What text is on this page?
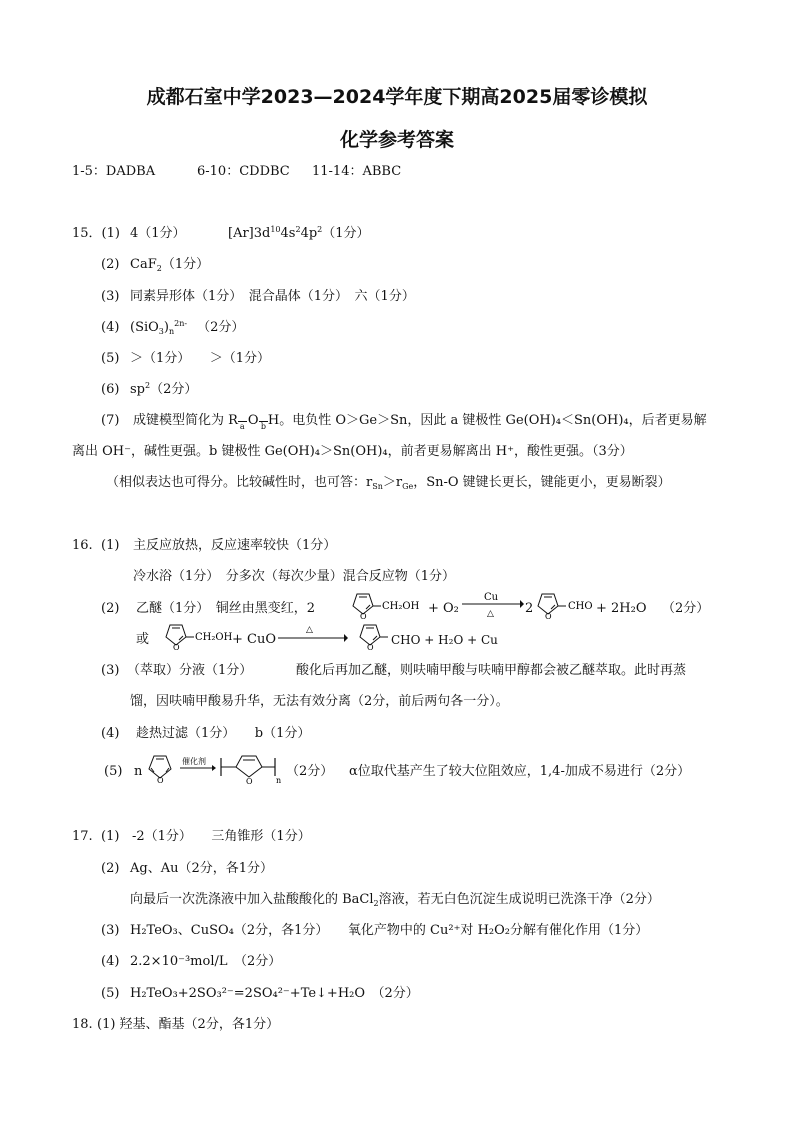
成都石室中学2023—2024学年度下期高2025届零诊模拟
化学参考答案
1-5：DADBA	6-10：CDDBC 11-14：ABBC
15．(1) 4（1分）	$[Ar]3d^{10}4s^24p^2(1$分）
(2) CaF$_2$（1分）
(3) 同素异形体（1分）　混合晶体（1分）　六（1分）
(4) $(SiO_3)_n^{2n-}$ （2分）
(5) ＞（1分）　　＞（1分）
(6) $sp^2(2$分）
(7) 成键模型简化为 R a O b H。电负性 O＞Ge＞Sn，因此 a 键极性 Ge(OH)₄＜Sn(OH)₄，后者更易解
离出 OH⁻，碱性更强。b 键极性 Ge(OH)₄＞Sn(OH)₄，前者更易解离出 H⁺，酸性更强。（3分）
（相似表达也可得分。比较碱性时，也可答：$r_{Sn}>r_{Ge}$，Sn-O 键键长更长，键能更小，更易断裂）
16. (1) 主反应放热，反应速率较快（1分）
冷水浴（1分）　分多次（每次少量）混合反应物（1分）
(2) 乙醚（1分）　铜丝由黑变红，2
O
CH₂OH + O₂
Cu
△ 2
O
CHO + 2H₂O （2分）
或
O
CH₂OH + CuO
△
O
CHO + H₂O + Cu
(3) （萃取）分液（1分）	酸化后再加乙醚，则呋喃甲酸与呋喃甲醇都会被乙醚萃取。此时再蒸
馏，因呋喃甲酸易升华，无法有效分离（2分，前后两句各一分）。
(4) 趁热过滤（1分）　　b（1分）
(5) n
O
催化剂
O	n
（2分） α位取代基产生了较大位阻效应，1,4-加成不易进行（2分）
17. (1) -2（1分）　　三角锥形（1分）
(2) Ag、Au（2分，各1分）
向最后一次洗涤液中加入盐酸酸化的 BaCl$_2$溶液，若无白色沉淀生成说明已洗涤干净（2分）
(3) H₂TeO₃、CuSO₄（2分，各1分）　　氧化产物中的 Cu²⁺对 H₂O₂分解有催化作用（1分）
(4) 2.2×10⁻³mol/L　（2分）
(5) H₂TeO₃+2SO₃²⁻=2SO₄²⁻+Te↓+H₂O　（2分）
18. (1) 羟基、酯基（2分，各1分）
